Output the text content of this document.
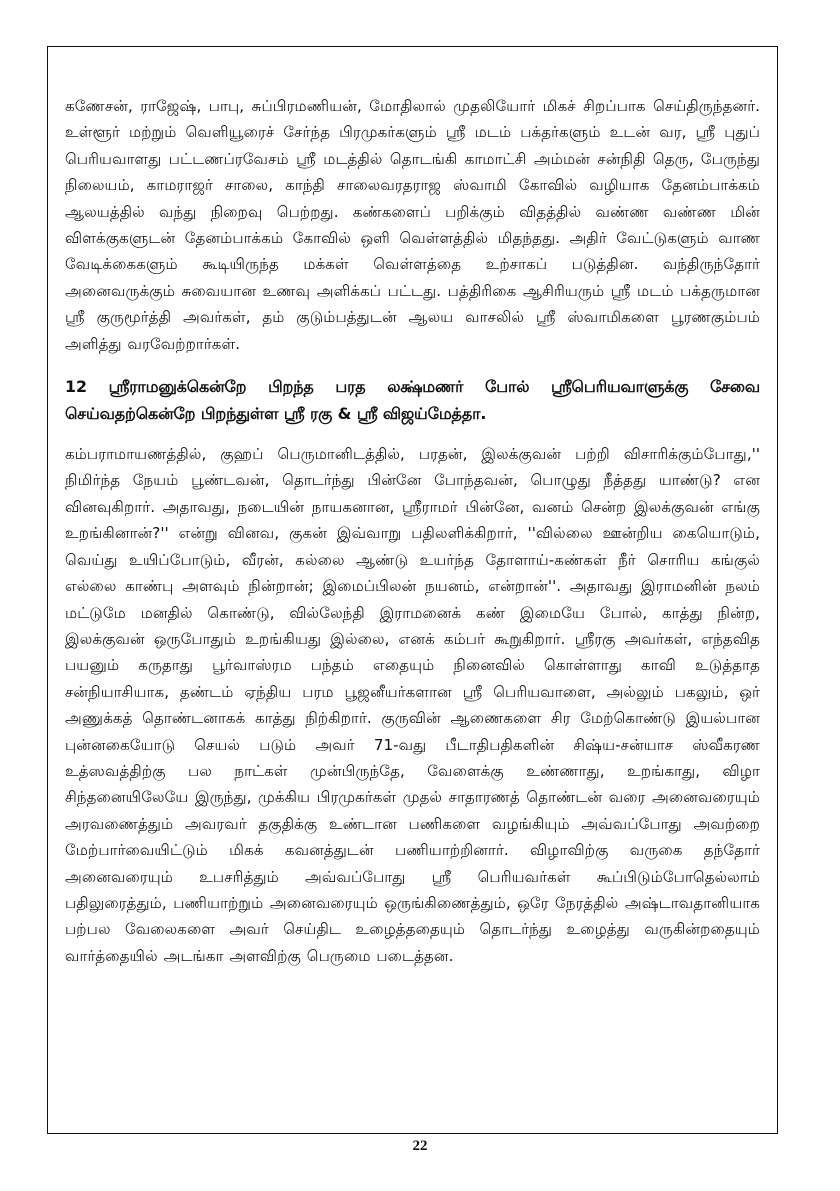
கணேசன், ராஜேஷ், பாபு, சுப்பிரமணியன், மோதிலால் முதலியோர் மிகச் சிறப்பாக செய்திருந்தனர். உள்ளூர் மற்றும் வெளியூரைச் சேர்ந்த பிரமுகர்களும் ஸ்ரீ மடம் பக்தர்களும் உடன் வர, ஸ்ரீ புதுப் பெரியவாளது பட்டணப்ரவேசம் ஸ்ரீ மடத்தில் தொடங்கி காமாட்சி அம்மன் சன்நிதி தெரு, பேருந்து நிலையம், காமராஜர் சாலை, காந்தி சாலைவரதராஜ ஸ்வாமி கோவில் வழியாக தேனம்பாக்கம் ஆலயத்தில் வந்து நிறைவு பெற்றது. கண்களைப் பறிக்கும் விதத்தில் வண்ண வண்ண மின் விளக்குகளுடன் தேனம்பாக்கம் கோவில் ஒளி வெள்ளத்தில் மிதந்தது. அதிர் வேட்டுகளும் வாண வேடிக்கைகளும் கூடியிருந்த மக்கள் வெள்ளத்தை உற்சாகப் படுத்தின. வந்திருந்தோர் அனைவருக்கும் சுவையான உணவு அளிக்கப் பட்டது. பத்திரிகை ஆசிரியரும் ஸ்ரீ மடம் பக்தருமான ஸ்ரீ குருமூர்த்தி அவர்கள், தம் குடும்பத்துடன் ஆலய வாசலில் ஸ்ரீ ஸ்வாமிகளை பூரணகும்பம் அளித்து வரவேற்றார்கள்.

12 ஸ்ரீராமனுக்கென்றே பிறந்த பரத லக்ஷ்மணர் போல் ஸ்ரீபெரியவாளுக்கு சேவை செய்வதற்கென்றே பிறந்துள்ள ஸ்ரீ ரகு & ஸ்ரீ விஜய்மேத்தா.

கம்பராமாயணத்தில், குஹப் பெருமானிடத்தில், பரதன், இலக்குவன் பற்றி விசாரிக்கும்போது,'' நிமிர்ந்த நேயம் பூண்டவன், தொடர்ந்து பின்னே போந்தவன், பொழுது நீத்தது யாண்டு? என வினவுகிறார். அதாவது, நடையின் நாயகனான, ஸ்ரீராமர் பின்னே, வனம் சென்ற இலக்குவன் எங்கு உறங்கினான்?'' என்று வினவ, குகன் இவ்வாறு பதிலளிக்கிறார், ''வில்லை ஊன்றிய கையொடும், வெய்து உயிப்போடும், வீரன், கல்லை ஆண்டு உயர்ந்த தோளாய்-கண்கள் நீர் சொரிய கங்குல் எல்லை காண்பு அளவும் நின்றான்; இமைப்பிலன் நயனம், என்றான்''. அதாவது இராமனின் நலம் மட்டுமே மனதில் கொண்டு, வில்லேந்தி இராமனைக் கண் இமையே போல், காத்து நின்ற, இலக்குவன் ஒருபோதும் உறங்கியது இல்லை, எனக் கம்பர் கூறுகிறார். ஸ்ரீரகு அவர்கள், எந்தவித பயனும் கருதாது பூர்வாஸ்ரம பந்தம் எதையும் நினைவில் கொள்ளாது காவி உடுத்தாத சன்நியாசியாக, தண்டம் ஏந்திய பரம பூஜனீயர்களான ஸ்ரீ பெரியவாளை, அல்லும் பகலும், ஒர் அணுக்கத் தொண்டனாகக் காத்து நிற்கிறார். குருவின் ஆணைகளை சிர மேற்கொண்டு இயல்பான புன்னகையோடு செயல் படும் அவர் 71-வது பீடாதிபதிகளின் சிஷ்ய-சன்யாச ஸ்வீகரண உத்ஸவத்திற்கு பல நாட்கள் முன்பிருந்தே, வேளைக்கு உண்ணாது, உறங்காது, விழா சிந்தனையிலேயே இருந்து, முக்கிய பிரமுகர்கள் முதல் சாதாரணத் தொண்டன் வரை அனைவரையும் அரவணைத்தும் அவரவர் தகுதிக்கு உண்டான பணிகளை வழங்கியும் அவ்வப்போது அவற்றை மேற்பார்வையிட்டும் மிகக் கவனத்துடன் பணியாற்றினார். விழாவிற்கு வருகை தந்தோர் அனைவரையும் உபசரித்தும் அவ்வப்போது ஸ்ரீ பெரியவர்கள் கூப்பிடும்போதெல்லாம் பதிலுரைத்தும், பணியாற்றும் அனைவரையும் ஒருங்கிணைத்தும், ஒரே நேரத்தில் அஷ்டாவதானியாக பற்பல வேலைகளை அவர் செய்திட உழைத்ததையும் தொடர்ந்து உழைத்து வருகின்றதையும் வார்த்தையில் அடங்கா அளவிற்கு பெருமை படைத்தன.

22
